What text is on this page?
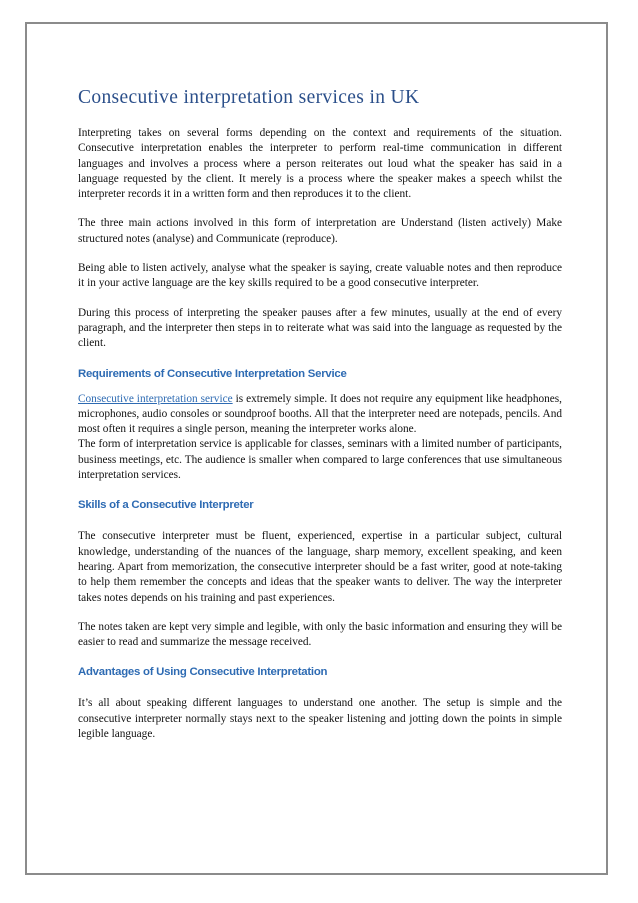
Consecutive interpretation services in UK

Interpreting takes on several forms depending on the context and requirements of the situation. Consecutive interpretation enables the interpreter to perform real-time communication in different languages and involves a process where a person reiterates out loud what the speaker has said in a language requested by the client. It merely is a process where the speaker makes a speech whilst the interpreter records it in a written form and then reproduces it to the client.

The three main actions involved in this form of interpretation are Understand (listen actively) Make structured notes (analyse) and Communicate (reproduce).

Being able to listen actively, analyse what the speaker is saying, create valuable notes and then reproduce it in your active language are the key skills required to be a good consecutive interpreter.

During this process of interpreting the speaker pauses after a few minutes, usually at the end of every paragraph, and the interpreter then steps in to reiterate what was said into the language as requested by the client.

Requirements of Consecutive Interpretation Service

Consecutive interpretation service is extremely simple. It does not require any equipment like headphones, microphones, audio consoles or soundproof booths. All that the interpreter need are notepads, pencils. And most often it requires a single person, meaning the interpreter works alone.

The form of interpretation service is applicable for classes, seminars with a limited number of participants, business meetings, etc. The audience is smaller when compared to large conferences that use simultaneous interpretation services.

Skills of a Consecutive Interpreter

The consecutive interpreter must be fluent, experienced, expertise in a particular subject, cultural knowledge, understanding of the nuances of the language, sharp memory, excellent speaking, and keen hearing. Apart from memorization, the consecutive interpreter should be a fast writer, good at note-taking to help them remember the concepts and ideas that the speaker wants to deliver. The way the interpreter takes notes depends on his training and past experiences.

The notes taken are kept very simple and legible, with only the basic information and ensuring they will be easier to read and summarize the message received.

Advantages of Using Consecutive Interpretation

It’s all about speaking different languages to understand one another. The setup is simple and the consecutive interpreter normally stays next to the speaker listening and jotting down the points in simple legible language.
